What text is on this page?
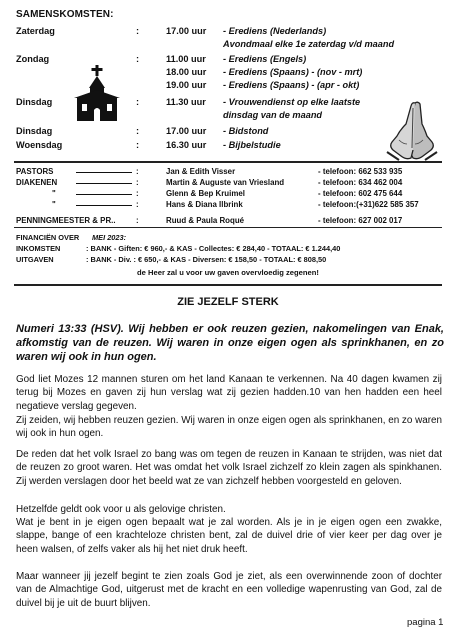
SAMENSKOMSTEN:
Zaterdag	:	17.00 uur - Erediens (Nederlands)
Avondmaal elke 1e zaterdag v/d maand
Zondag	:	11.00 uur - Erediens (Engels)
18.00 uur - Erediens (Spaans) - (nov - mrt)
19.00 uur - Erediens (Spaans) - (apr - okt)
Dinsdag	:	11.30 uur - Vrouwendienst op elke laatste
dinsdag van de maand
Dinsdag	:	17.00 uur - Bidstond
Woensdag	:	16.30 uur - Bijbelstudie
PASTORS	:	Jan & Edith Visser	- telefoon: 662 533 935
DIAKENEN	:	Martin & Auguste van Vriesland	- telefoon: 634 462 004
"	:	Glenn & Bep Kruimel	- telefoon: 602 475 644
"	:	Hans & Diana Ilbrink	- telefoon:(+31)622 585 357
PENNINGMEESTER & PR..	:	Ruud & Paula Roqué	- telefoon: 627 002 017
FINANCIËN OVER MEI 2023:
INKOMSTEN	: BANK - Giften: € 960,- & KAS - Collectes: € 284,40 - TOTAAL: € 1.244,40
UITGAVEN	: BANK - Div. : € 650,- & KAS - Diversen: € 158,50 - TOTAAL: € 808,50
de Heer zal u voor uw gaven overvloedig zegenen!
ZIE JEZELF STERK
Numeri 13:33 (HSV). Wij hebben er ook reuzen gezien, nakomelingen van Enak, afkomstig van de reuzen. Wij waren in onze eigen ogen als sprinkhanen, en zo waren wij ook in hun ogen.
God liet Mozes 12 mannen sturen om het land Kanaan te verkennen. Na 40 dagen kwamen zij terug bij Mozes en gaven zij hun verslag wat zij gezien hadden.10 van hen hadden een heel negatieve verslag gegeven.
Zij zeiden, wij hebben reuzen gezien. Wij waren in onze eigen ogen als sprinkhanen, en zo waren wij ook in hun ogen.
De reden dat het volk Israel zo bang was om tegen de reuzen in Kanaan te strijden, was niet dat de reuzen zo groot waren. Het was omdat het volk Israel zichzelf zo klein zagen als spinkhanen. Zij werden verslagen door het beeld wat ze van zichzelf hebben voorgesteld en geloven.
Hetzelfde geldt ook voor u als gelovige christen.
Wat je bent in je eigen ogen bepaalt wat je zal worden. Als je in je eigen ogen een zwakke, slappe, bange of een krachteloze christen bent, zal de duivel drie of vier keer per dag over je heen walsen, of zelfs vaker als hij het niet druk heeft.
Maar wanneer jij jezelf begint te zien zoals God je ziet, als een overwinnende zoon of dochter van de Almachtige God, uitgerust met de kracht en een volledige wapenrusting van God, zal de duivel bij je uit de buurt blijven.
pagina 1
